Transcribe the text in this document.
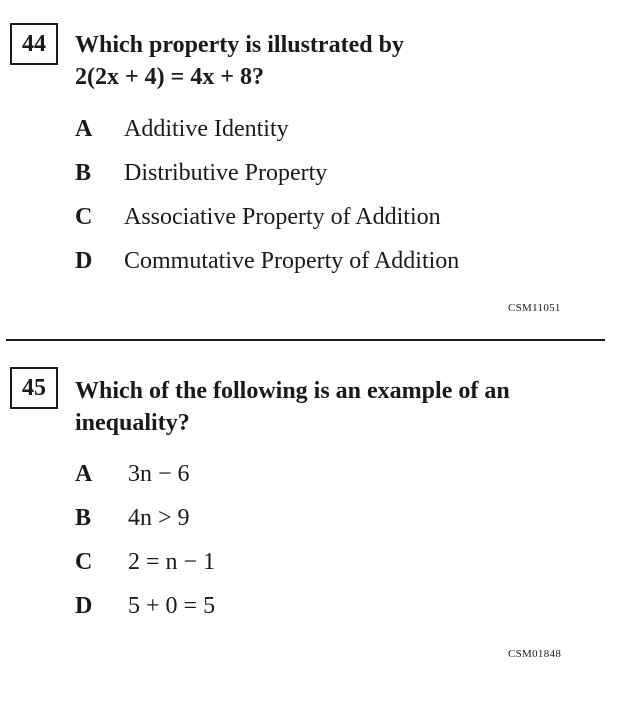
44 Which property is illustrated by
2(2x + 4) = 4x + 8?
A	Additive Identity
B	Distributive Property
C	Associative Property of Addition
D	Commutative Property of Addition
CSM11051
45 Which of the following is an example of an
inequality?
A	3n − 6
B	4n > 9
C	2 = n − 1
D	5 + 0 = 5
CSM01848
